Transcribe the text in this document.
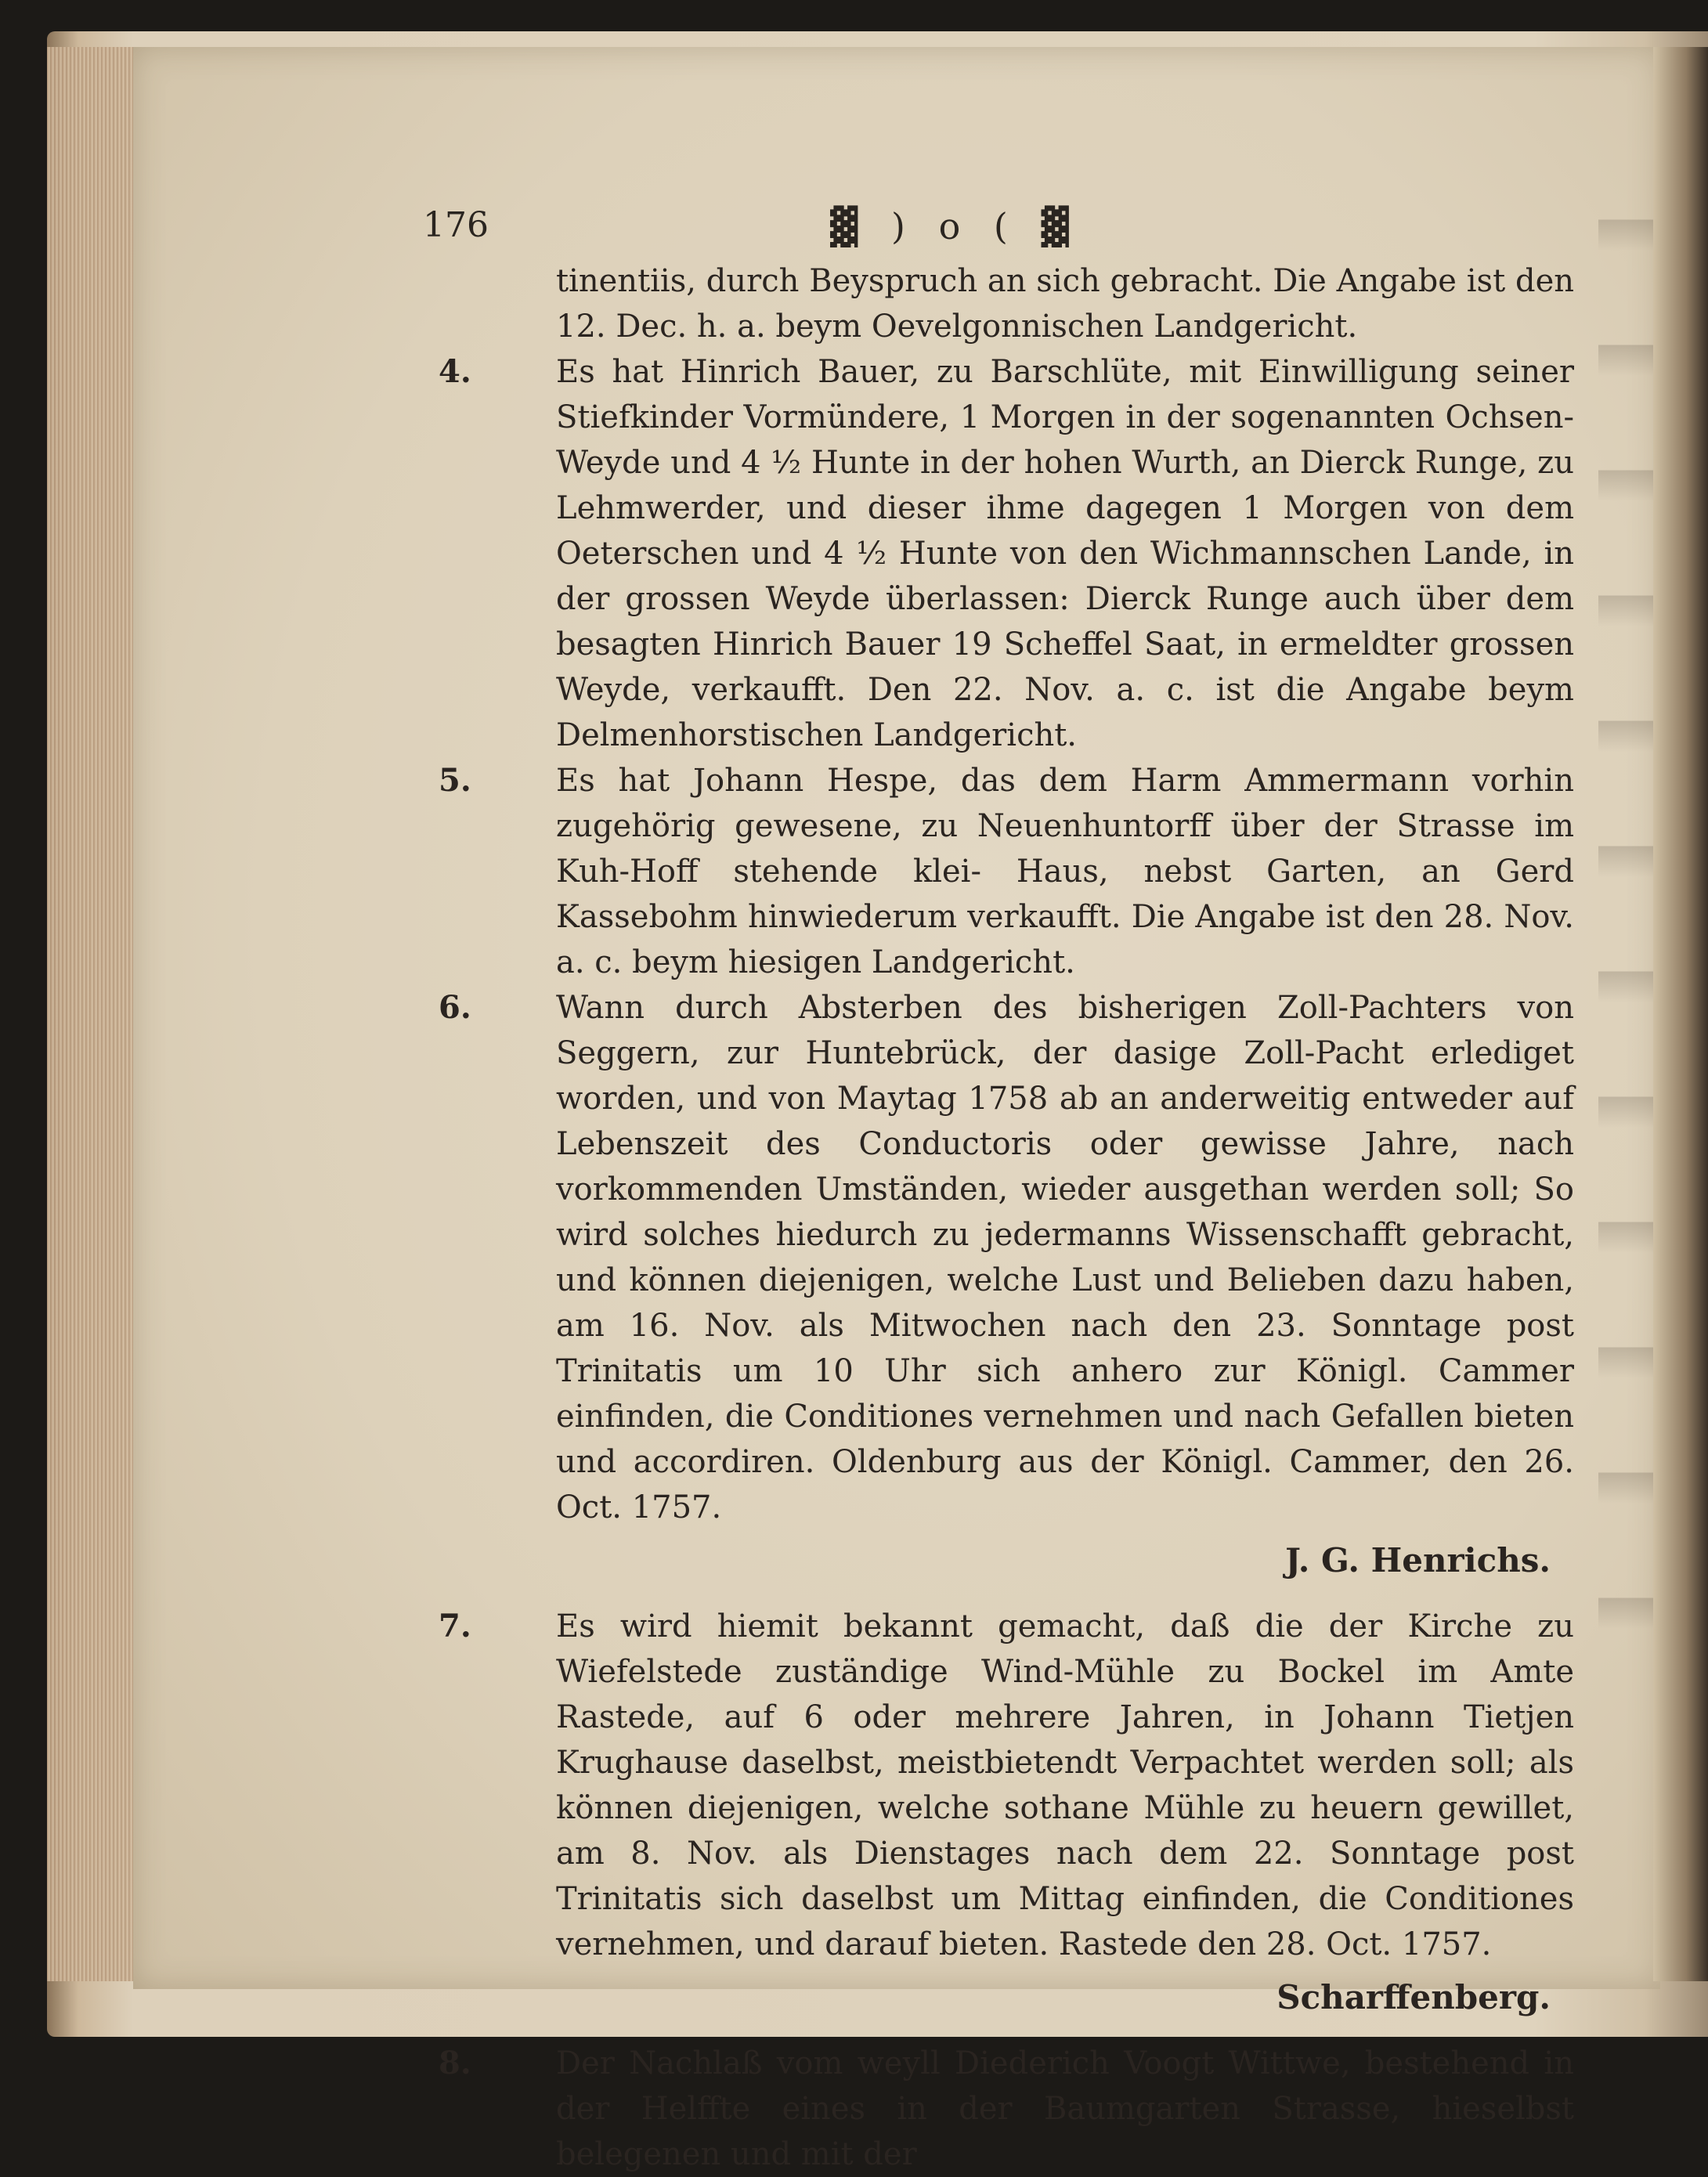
176	▓ ) o ( ▓

tinentiis, durch Beyspruch an sich gebracht. Die Angabe ist den 12. Dec. h. a. beym Oevelgonnischen Landgericht.

4.	Es hat Hinrich Bauer, zu Barschlüte, mit Einwilligung seiner Stiefkinder Vormündere, 1 Morgen in der sogenannten Ochsen-Weyde und 4 ½ Hunte in der hohen Wurth, an Dierck Runge, zu Lehmwerder, und dieser ihme dagegen 1 Morgen von dem Oeterschen und 4 ½ Hunte von den Wichmannschen Lande, in der grossen Weyde überlassen: Dierck Runge auch über dem besagten Hinrich Bauer 19 Scheffel Saat, in ermeldter grossen Weyde, verkaufft. Den 22. Nov. a. c. ist die Angabe beym Delmenhorstischen Landgericht.

5.	Es hat Johann Hespe, das dem Harm Ammermann vorhin zugehörig gewesene, zu Neuenhuntorff über der Strasse im Kuh-Hoff stehende klei- Haus, nebst Garten, an Gerd Kassebohm hinwiederum verkaufft. Die Angabe ist den 28. Nov. a. c. beym hiesigen Landgericht.

6.	Wann durch Absterben des bisherigen Zoll-Pachters von Seggern, zur Huntebrück, der dasige Zoll-Pacht erlediget worden, und von Maytag 1758 ab an anderweitig entweder auf Lebenszeit des Conductoris oder gewisse Jahre, nach vorkommenden Umständen, wieder ausgethan werden soll; So wird solches hiedurch zu jedermanns Wissenschafft gebracht, und können diejenigen, welche Lust und Belieben dazu haben, am 16. Nov. als Mitwochen nach den 23. Sonntage post Trinitatis um 10 Uhr sich anhero zur Königl. Cammer einfinden, die Conditiones vernehmen und nach Gefallen bieten und accordiren. Oldenburg aus der Königl. Cammer, den 26. Oct. 1757.

J. G. Henrichs.

7.	Es wird hiemit bekannt gemacht, daß die der Kirche zu Wiefelstede zuständige Wind-Mühle zu Bockel im Amte Rastede, auf 6 oder mehrere Jahren, in Johann Tietjen Krughause daselbst, meistbietendt Verpachtet werden soll; als können diejenigen, welche sothane Mühle zu heuern gewillet, am 8. Nov. als Dienstages nach dem 22. Sonntage post Trinitatis sich daselbst um Mittag einfinden, die Conditiones vernehmen, und darauf bieten. Rastede den 28. Oct. 1757.

Scharffenberg.

8.	Der Nachlaß vom weyll Diederich Voogt Wittwe, bestehend in der Helffte eines in der Baumgarten Strasse, hieselbst belegenen und mit der
